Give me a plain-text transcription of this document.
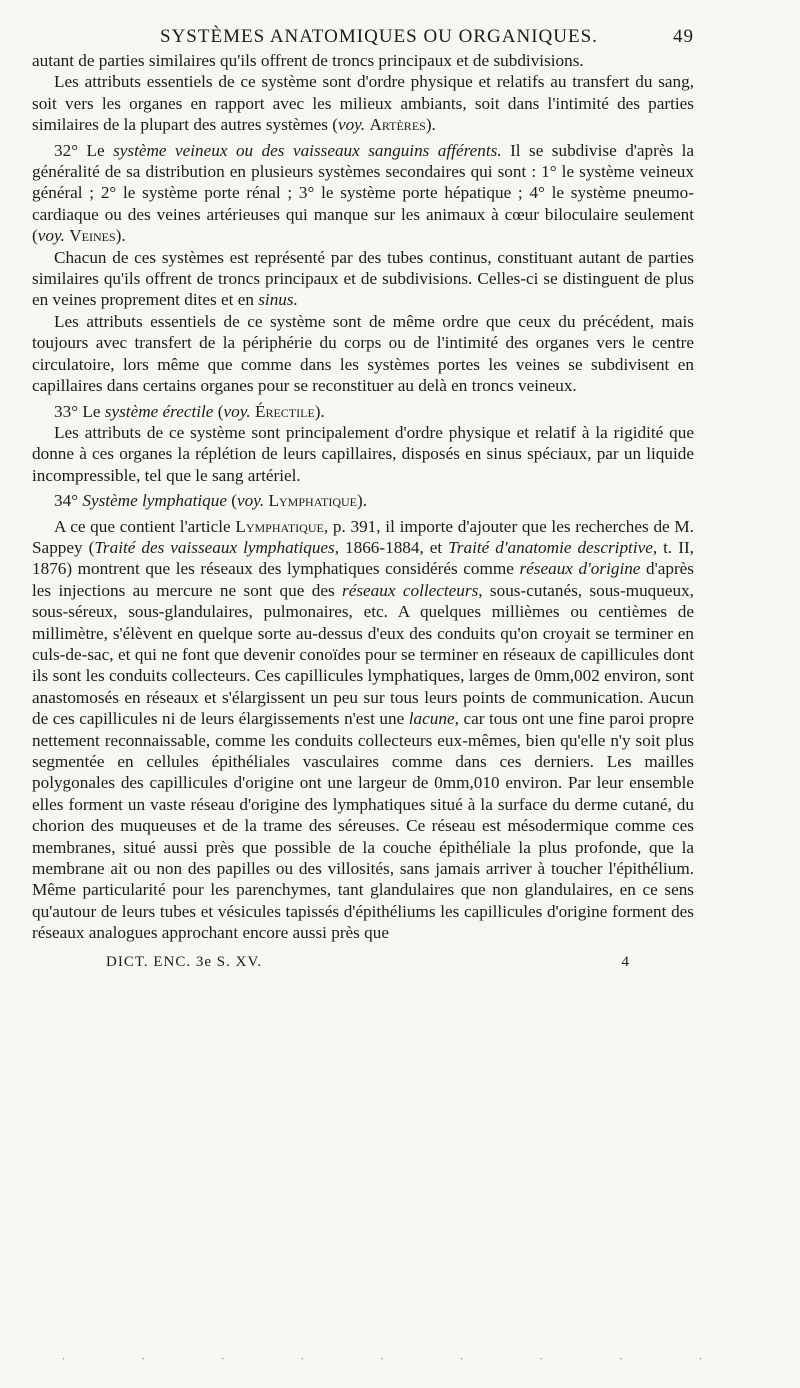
SYSTÈMES ANATOMIQUES OU ORGANIQUES.	49

autant de parties similaires qu'ils offrent de troncs principaux et de subdivisions.

Les attributs essentiels de ce système sont d'ordre physique et relatifs au transfert du sang, soit vers les organes en rapport avec les milieux ambiants, soit dans l'intimité des parties similaires de la plupart des autres systèmes (voy. Artères).

32° Le système veineux ou des vaisseaux sanguins afférents. Il se subdivise d'après la généralité de sa distribution en plusieurs systèmes secondaires qui sont : 1° le système veineux général ; 2° le système porte rénal ; 3° le système porte hépatique ; 4° le système pneumo-cardiaque ou des veines artérieuses qui manque sur les animaux à cœur biloculaire seulement (voy. Veines).

Chacun de ces systèmes est représenté par des tubes continus, constituant autant de parties similaires qu'ils offrent de troncs principaux et de subdivisions. Celles-ci se distinguent de plus en veines proprement dites et en sinus.

Les attributs essentiels de ce système sont de même ordre que ceux du précédent, mais toujours avec transfert de la périphérie du corps ou de l'intimité des organes vers le centre circulatoire, lors même que comme dans les systèmes portes les veines se subdivisent en capillaires dans certains organes pour se reconstituer au delà en troncs veineux.

33° Le système érectile (voy. Érectile).

Les attributs de ce système sont principalement d'ordre physique et relatif à la rigidité que donne à ces organes la réplétion de leurs capillaires, disposés en sinus spéciaux, par un liquide incompressible, tel que le sang artériel.

34° Système lymphatique (voy. Lymphatique).

A ce que contient l'article Lymphatique, p. 391, il importe d'ajouter que les recherches de M. Sappey (Traité des vaisseaux lymphatiques, 1866-1884, et Traité d'anatomie descriptive, t. II, 1876) montrent que les réseaux des lymphatiques considérés comme réseaux d'origine d'après les injections au mercure ne sont que des réseaux collecteurs, sous-cutanés, sous-muqueux, sous-séreux, sous-glandulaires, pulmonaires, etc. A quelques millièmes ou centièmes de millimètre, s'élèvent en quelque sorte au-dessus d'eux des conduits qu'on croyait se terminer en culs-de-sac, et qui ne font que devenir conoïdes pour se terminer en réseaux de capillicules dont ils sont les conduits collecteurs. Ces capillicules lymphatiques, larges de 0mm,002 environ, sont anastomosés en réseaux et s'élargissent un peu sur tous leurs points de communication. Aucun de ces capillicules ni de leurs élargissements n'est une lacune, car tous ont une fine paroi propre nettement reconnaissable, comme les conduits collecteurs eux-mêmes, bien qu'elle n'y soit plus segmentée en cellules épithéliales vasculaires comme dans ces derniers. Les mailles polygonales des capillicules d'origine ont une largeur de 0mm,010 environ. Par leur ensemble elles forment un vaste réseau d'origine des lymphatiques situé à la surface du derme cutané, du chorion des muqueuses et de la trame des séreuses. Ce réseau est mésodermique comme ces membranes, situé aussi près que possible de la couche épithéliale la plus profonde, que la membrane ait ou non des papilles ou des villosités, sans jamais arriver à toucher l'épithélium. Même particularité pour les parenchymes, tant glandulaires que non glandulaires, en ce sens qu'autour de leurs tubes et vésicules tapissés d'épithéliums les capillicules d'origine forment des réseaux analogues approchant encore aussi près que

DICT. ENC. 3e S. XV.	4
· · · · · · · · ·
